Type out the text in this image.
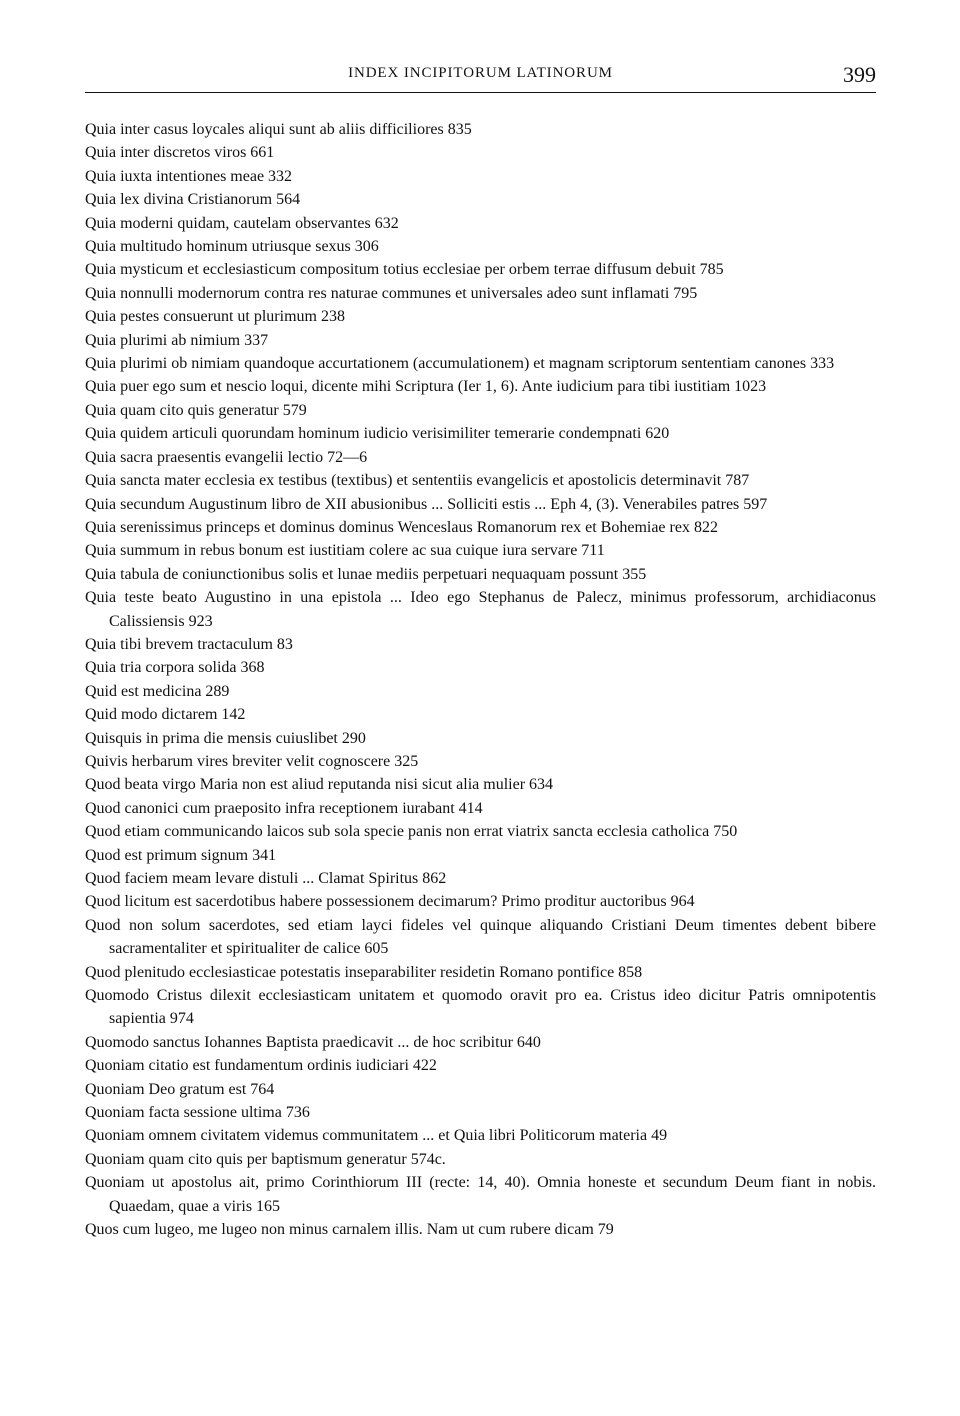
INDEX INCIPITORUM LATINORUM	399
Quia inter casus loycales aliqui sunt ab aliis difficiliores 835
Quia inter discretos viros 661
Quia iuxta intentiones meae 332
Quia lex divina Cristianorum 564
Quia moderni quidam, cautelam observantes 632
Quia multitudo hominum utriusque sexus 306
Quia mysticum et ecclesiasticum compositum totius ecclesiae per orbem terrae diffusum debuit 785
Quia nonnulli modernorum contra res naturae communes et universales adeo sunt inflamati 795
Quia pestes consuerunt ut plurimum 238
Quia plurimi ab nimium 337
Quia plurimi ob nimiam quandoque accurtationem (accumulationem) et magnam scriptorum sententiam canones 333
Quia puer ego sum et nescio loqui, dicente mihi Scriptura (Ier 1, 6). Ante iudicium para tibi iustitiam 1023
Quia quam cito quis generatur 579
Quia quidem articuli quorundam hominum iudicio verisimiliter temerarie condempnati 620
Quia sacra praesentis evangelii lectio 72—6
Quia sancta mater ecclesia ex testibus (textibus) et sententiis evangelicis et apostolicis determinavit 787
Quia secundum Augustinum libro de XII abusionibus ... Solliciti estis ... Eph 4, (3). Venerabiles patres 597
Quia serenissimus princeps et dominus dominus Wenceslaus Romanorum rex et Bohemiae rex 822
Quia summum in rebus bonum est iustitiam colere ac sua cuique iura servare 711
Quia tabula de coniunctionibus solis et lunae mediis perpetuari nequaquam possunt 355
Quia teste beato Augustino in una epistola ... Ideo ego Stephanus de Palecz, minimus professorum, archidiaconus Calissiensis 923
Quia tibi brevem tractaculum 83
Quia tria corpora solida 368
Quid est medicina 289
Quid modo dictarem 142
Quisquis in prima die mensis cuiuslibet 290
Quivis herbarum vires breviter velit cognoscere 325
Quod beata virgo Maria non est aliud reputanda nisi sicut alia mulier 634
Quod canonici cum praeposito infra receptionem iurabant 414
Quod etiam communicando laicos sub sola specie panis non errat viatrix sancta ecclesia catholica 750
Quod est primum signum 341
Quod faciem meam levare distuli ... Clamat Spiritus 862
Quod licitum est sacerdotibus habere possessionem decimarum? Primo proditur auctoribus 964
Quod non solum sacerdotes, sed etiam layci fideles vel quinque aliquando Cristiani Deum timentes debent bibere sacramentaliter et spiritualiter de calice 605
Quod plenitudo ecclesiasticae potestatis inseparabiliter residetin Romano pontifice 858
Quomodo Cristus dilexit ecclesiasticam unitatem et quomodo oravit pro ea. Cristus ideo dicitur Patris omnipotentis sapientia 974
Quomodo sanctus Iohannes Baptista praedicavit ... de hoc scribitur 640
Quoniam citatio est fundamentum ordinis iudiciari 422
Quoniam Deo gratum est 764
Quoniam facta sessione ultima 736
Quoniam omnem civitatem videmus communitatem ... et Quia libri Politicorum materia 49
Quoniam quam cito quis per baptismum generatur 574c.
Quoniam ut apostolus ait, primo Corinthiorum III (recte: 14, 40). Omnia honeste et secundum Deum fiant in nobis. Quaedam, quae a viris 165
Quos cum lugeo, me lugeo non minus carnalem illis. Nam ut cum rubere dicam 79
